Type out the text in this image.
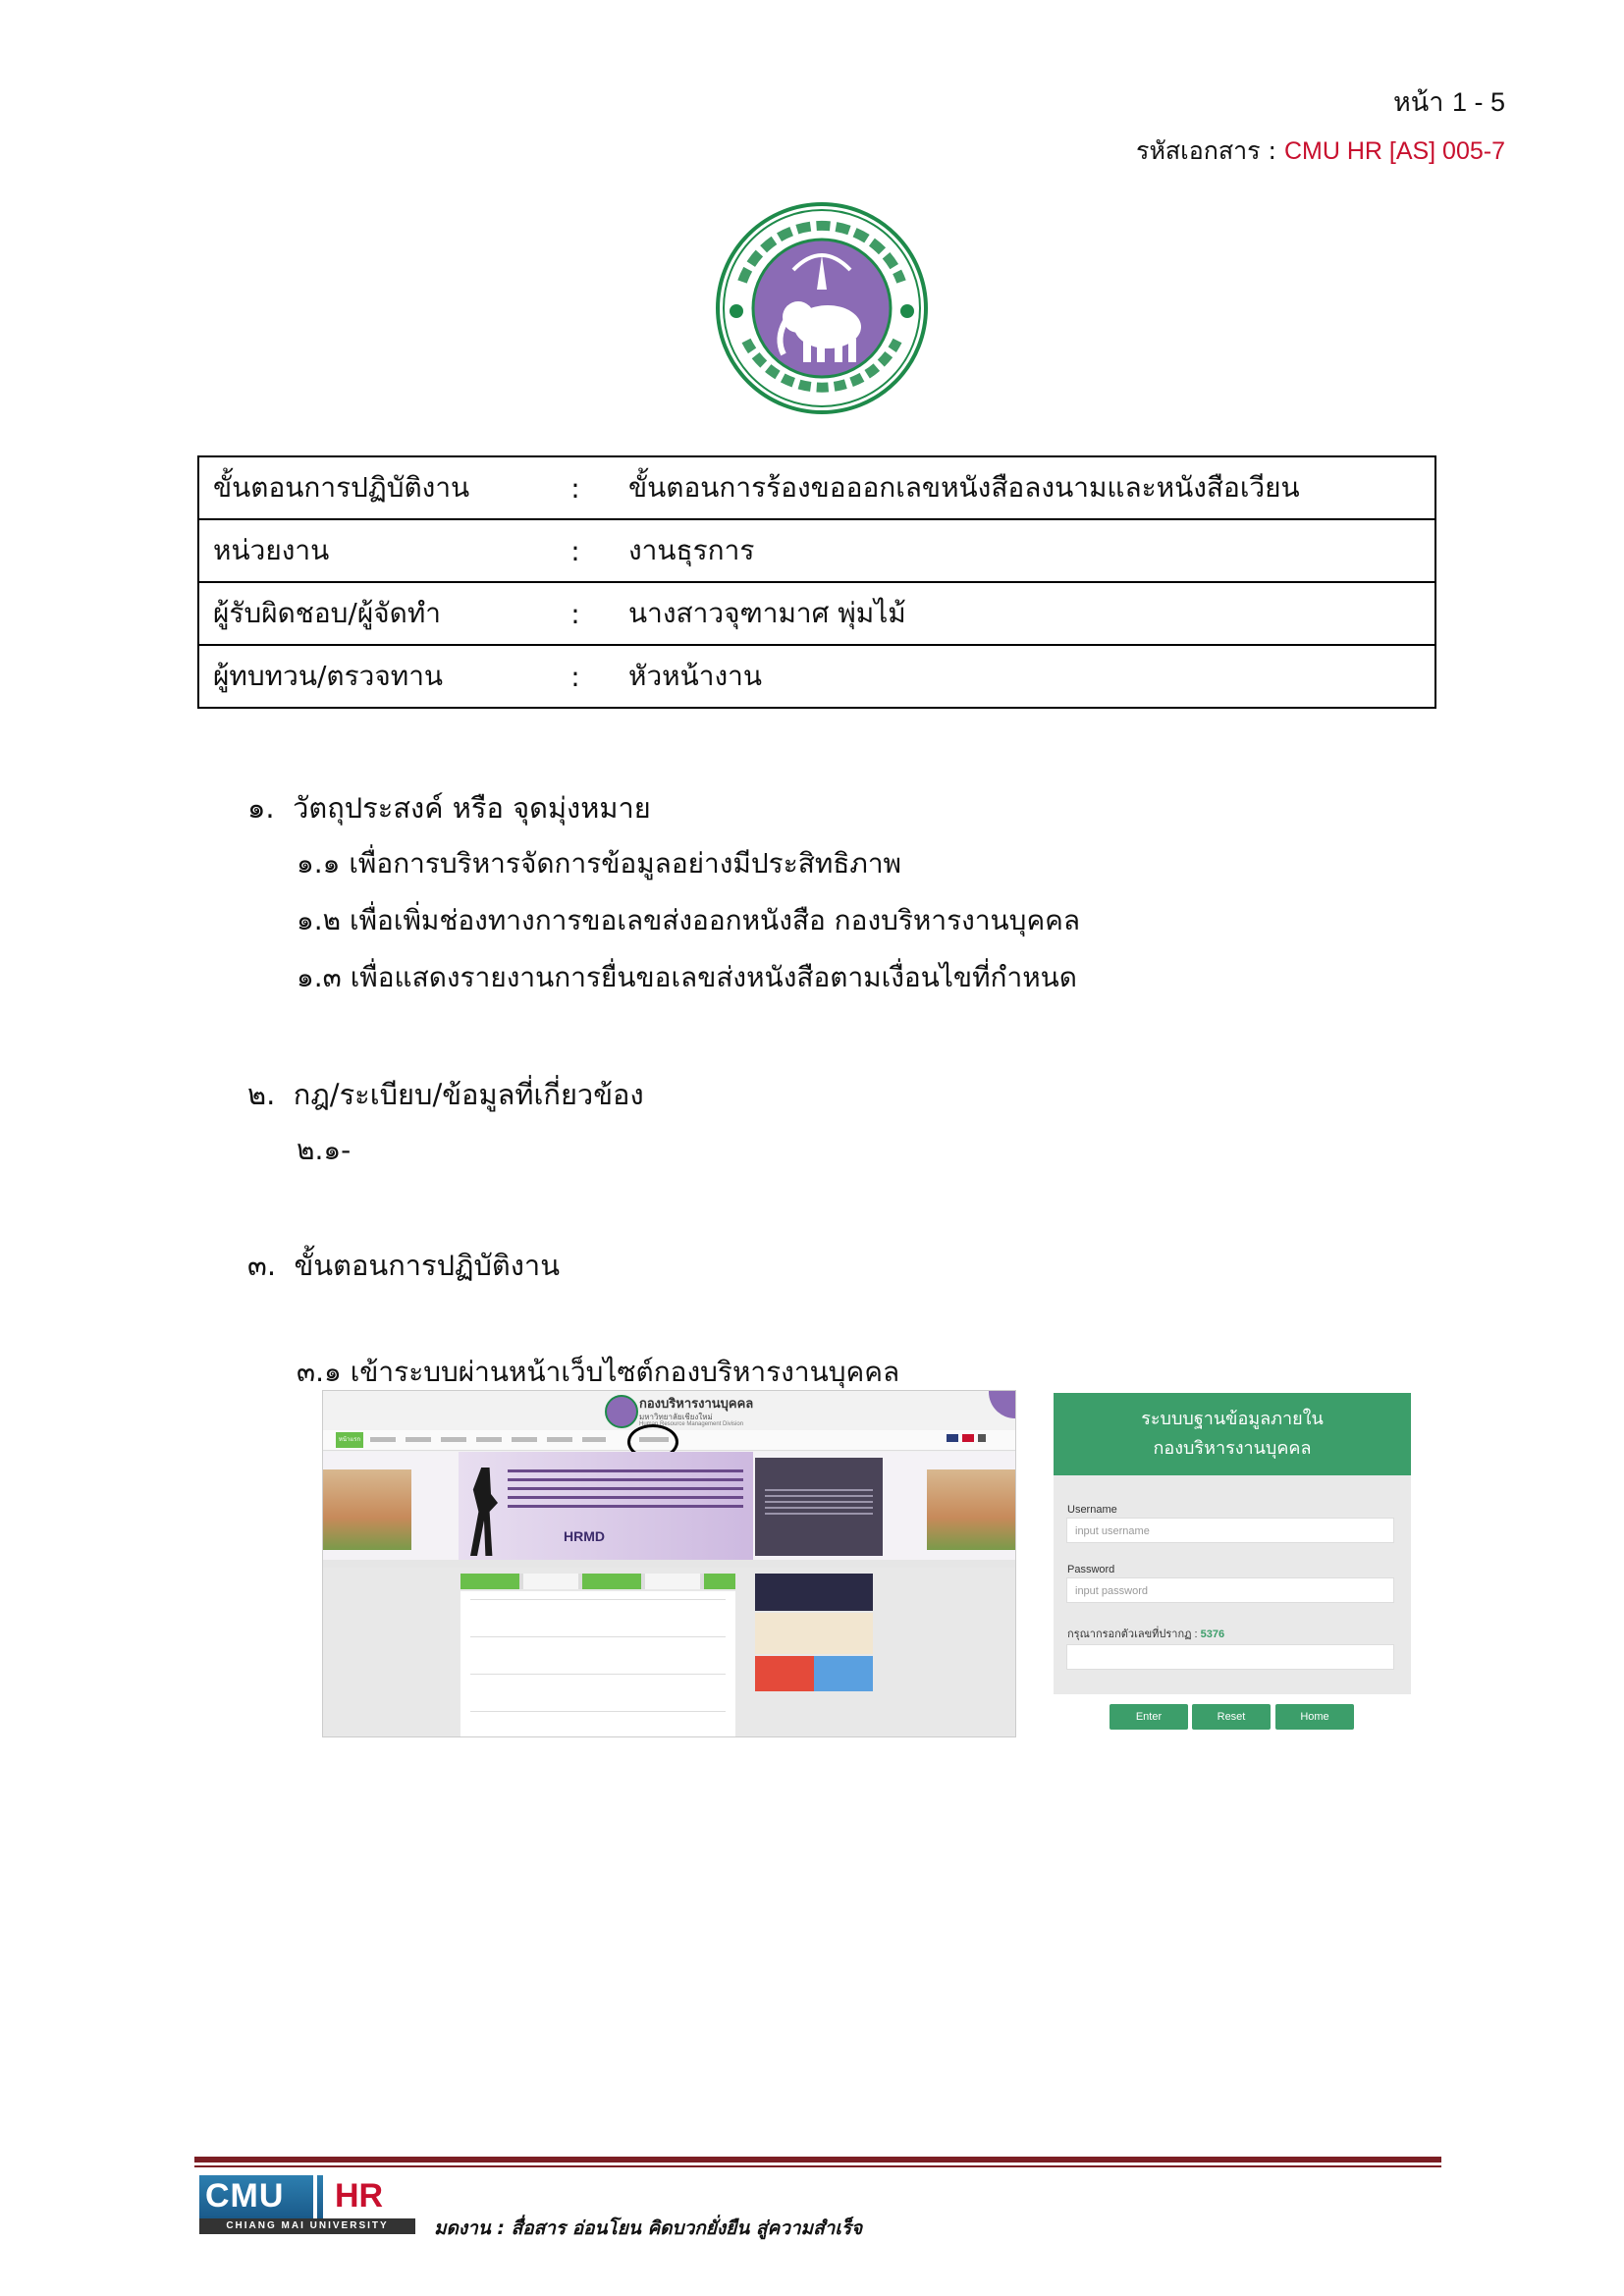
หน้า 1 - 5
รหัสเอกสาร : CMU HR [AS] 005-7
ขั้นตอนการปฏิบัติงาน	:	ขั้นตอนการร้องขอออกเลขหนังสือลงนามและหนังสือเวียน
หน่วยงาน	:	งานธุรการ
ผู้รับผิดชอบ/ผู้จัดทำ	:	นางสาวจุฑามาศ พุ่มไม้
ผู้ทบทวน/ตรวจทาน	:	หัวหน้างาน
๑. วัตถุประสงค์ หรือ จุดมุ่งหมาย
๑.๑ เพื่อการบริหารจัดการข้อมูลอย่างมีประสิทธิภาพ
๑.๒ เพื่อเพิ่มช่องทางการขอเลขส่งออกหนังสือ กองบริหารงานบุคคล
๑.๓ เพื่อแสดงรายงานการยื่นขอเลขส่งหนังสือตามเงื่อนไขที่กำหนด
๒. กฎ/ระเบียบ/ข้อมูลที่เกี่ยวข้อง
๒.๑-
๓. ขั้นตอนการปฏิบัติงาน
๓.๑ เข้าระบบผ่านหน้าเว็บไซต์กองบริหารงานบุคคล
กองบริหารงานบุคคล
มหาวิทยาลัยเชียงใหม่
Human Resource Management Division
หน้าแรก
HRMD
ระบบบฐานข้อมูลภายใน
กองบริหารงานบุคคล
Username
input username
Password
input password
กรุณากรอกตัวเลขที่ปรากฏ : 5376
Enter	Reset	Home
CMU HR
CHIANG MAI UNIVERSITY	มดงาน : สื่อสาร อ่อนโยน คิดบวกยั่งยืน สู่ความสำเร็จ
